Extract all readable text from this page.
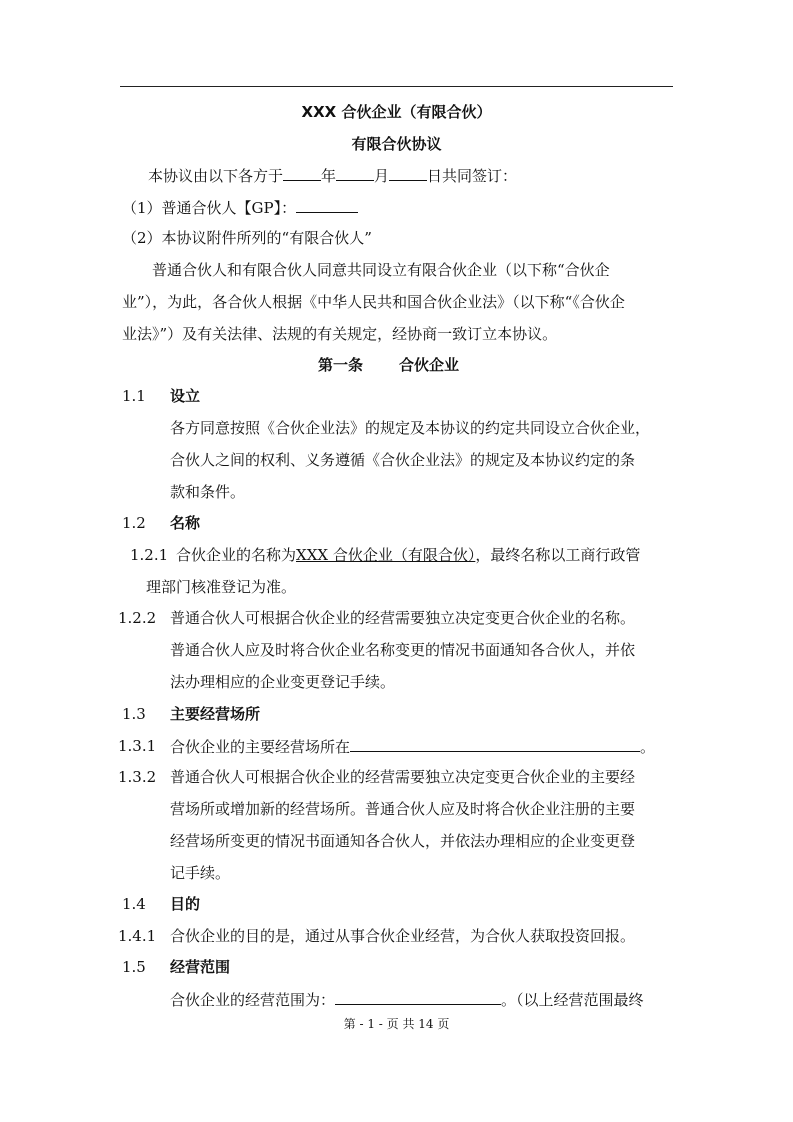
XXX 合伙企业（有限合伙）
有限合伙协议
本协议由以下各方于	年	月	日共同签订：
（1）普通合伙人【GP】：
（2）本协议附件所列的“有限合伙人”
普通合伙人和有限合伙人同意共同设立有限合伙企业（以下称“合伙企
业”），为此，各合伙人根据《中华人民共和国合伙企业法》（以下称“《合伙企
业法》”）及有关法律、法规的有关规定，经协商一致订立本协议。
第一条 合伙企业
1.1 设立
各方同意按照《合伙企业法》的规定及本协议的约定共同设立合伙企业，
合伙人之间的权利、义务遵循《合伙企业法》的规定及本协议约定的条
款和条件。
1.2 名称
1.2.1 合伙企业的名称为XXX 合伙企业（有限合伙），最终名称以工商行政管
理部门核准登记为准。
1.2.2 普通合伙人可根据合伙企业的经营需要独立决定变更合伙企业的名称。
普通合伙人应及时将合伙企业名称变更的情况书面通知各合伙人，并依
法办理相应的企业变更登记手续。
1.3 主要经营场所
1.3.1 合伙企业的主要经营场所在	。
1.3.2 普通合伙人可根据合伙企业的经营需要独立决定变更合伙企业的主要经
营场所或增加新的经营场所。普通合伙人应及时将合伙企业注册的主要
经营场所变更的情况书面通知各合伙人，并依法办理相应的企业变更登
记手续。
1.4 目的
1.4.1 合伙企业的目的是，通过从事合伙企业经营，为合伙人获取投资回报。
1.5 经营范围
合伙企业的经营范围为：	。（以上经营范围最终
第 - 1 - 页 共 14 页
